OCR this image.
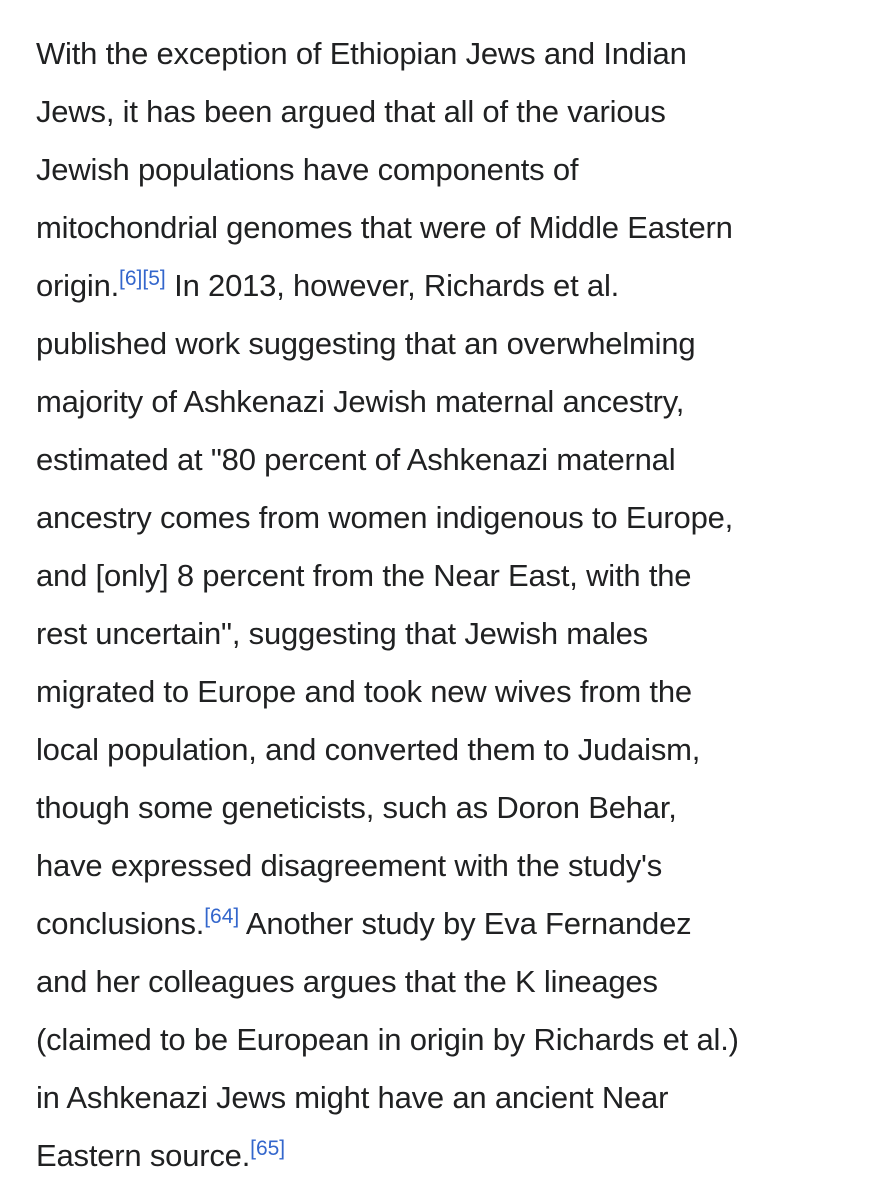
With the exception of Ethiopian Jews and Indian
Jews, it has been argued that all of the various
Jewish populations have components of
mitochondrial genomes that were of Middle Eastern
origin.[6][5] In 2013, however, Richards et al.
published work suggesting that an overwhelming
majority of Ashkenazi Jewish maternal ancestry,
estimated at "80 percent of Ashkenazi maternal
ancestry comes from women indigenous to Europe,
and [only] 8 percent from the Near East, with the
rest uncertain", suggesting that Jewish males
migrated to Europe and took new wives from the
local population, and converted them to Judaism,
though some geneticists, such as Doron Behar,
have expressed disagreement with the study's
conclusions.[64] Another study by Eva Fernandez
and her colleagues argues that the K lineages
(claimed to be European in origin by Richards et al.)
in Ashkenazi Jews might have an ancient Near
Eastern source.[65]
